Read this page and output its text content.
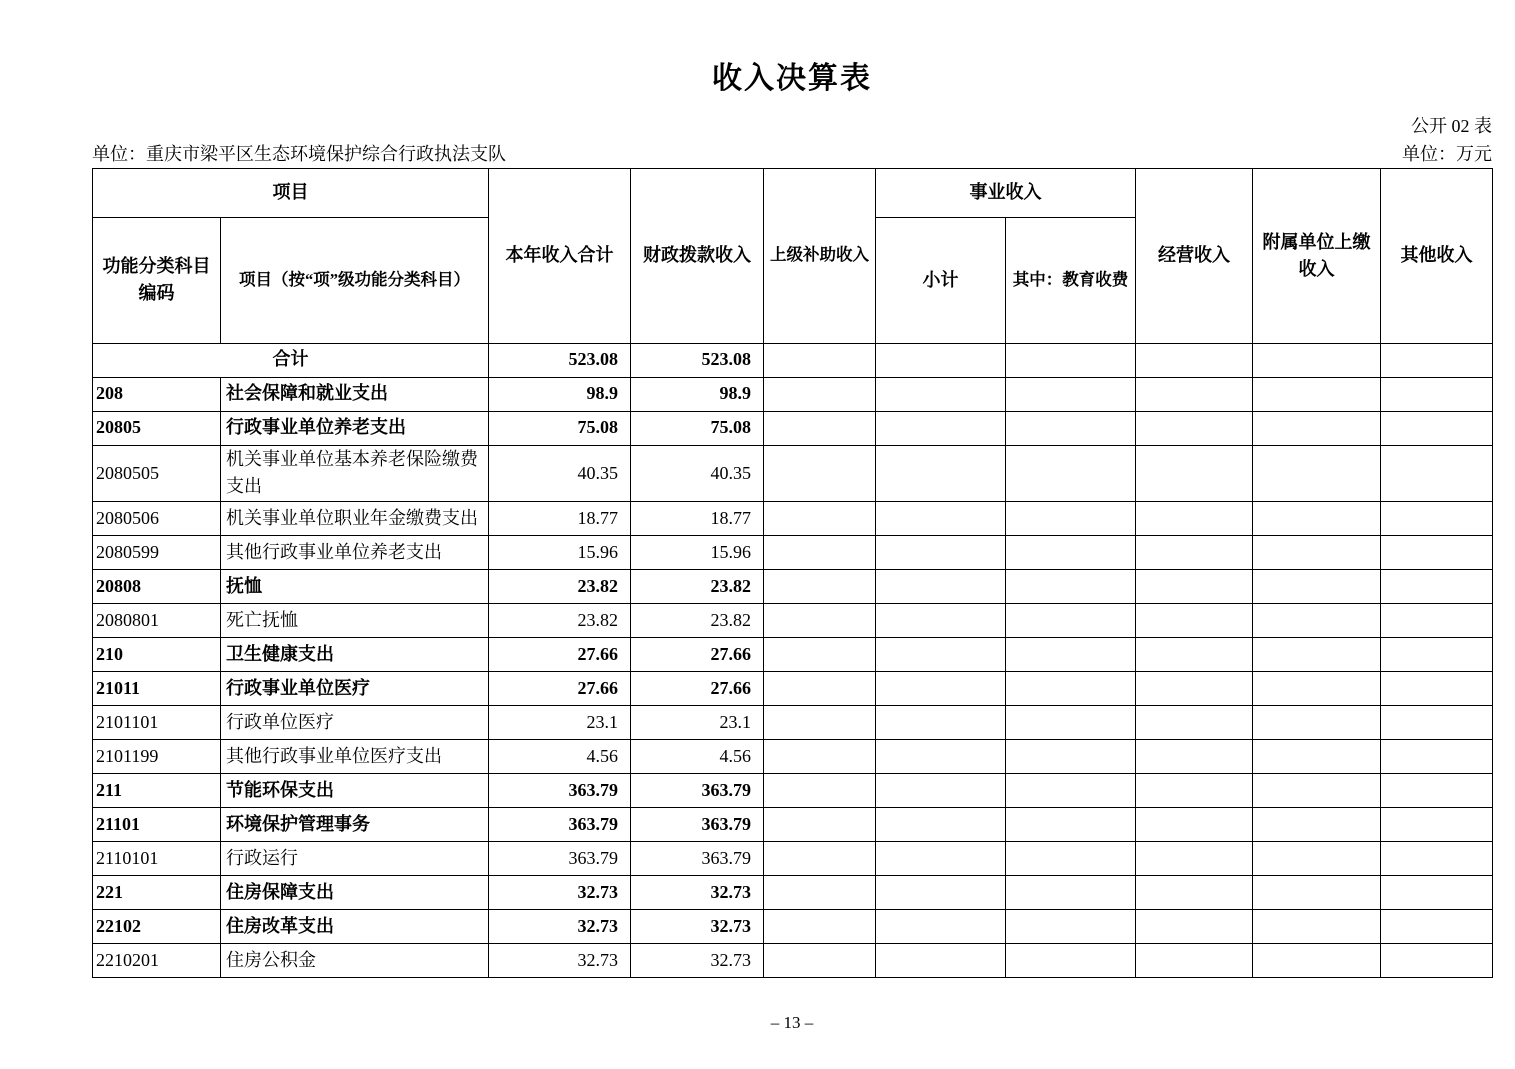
收入决算表
公开 02 表
单位：重庆市梁平区生态环境保护综合行政执法支队	单位：万元
项目		本年收入合计	财政拨款收入	上级补助收入	事业收入		经营收入	附属单位上缴收入	其他收入
功能分类科目编码	项目（按“项”级功能分类科目）				小计	其中：教育收费			
合计		523.08	523.08						
208	社会保障和就业支出	98.9	98.9						
20805	行政事业单位养老支出	75.08	75.08						
2080505	机关事业单位基本养老保险缴费支出	40.35	40.35						
2080506	机关事业单位职业年金缴费支出	18.77	18.77						
2080599	其他行政事业单位养老支出	15.96	15.96						
20808	抚恤	23.82	23.82						
2080801	死亡抚恤	23.82	23.82						
210	卫生健康支出	27.66	27.66						
21011	行政事业单位医疗	27.66	27.66						
2101101	行政单位医疗	23.1	23.1						
2101199	其他行政事业单位医疗支出	4.56	4.56						
211	节能环保支出	363.79	363.79						
21101	环境保护管理事务	363.79	363.79						
2110101	行政运行	363.79	363.79						
221	住房保障支出	32.73	32.73						
22102	住房改革支出	32.73	32.73						
2210201	住房公积金	32.73	32.73						
– 13 –
